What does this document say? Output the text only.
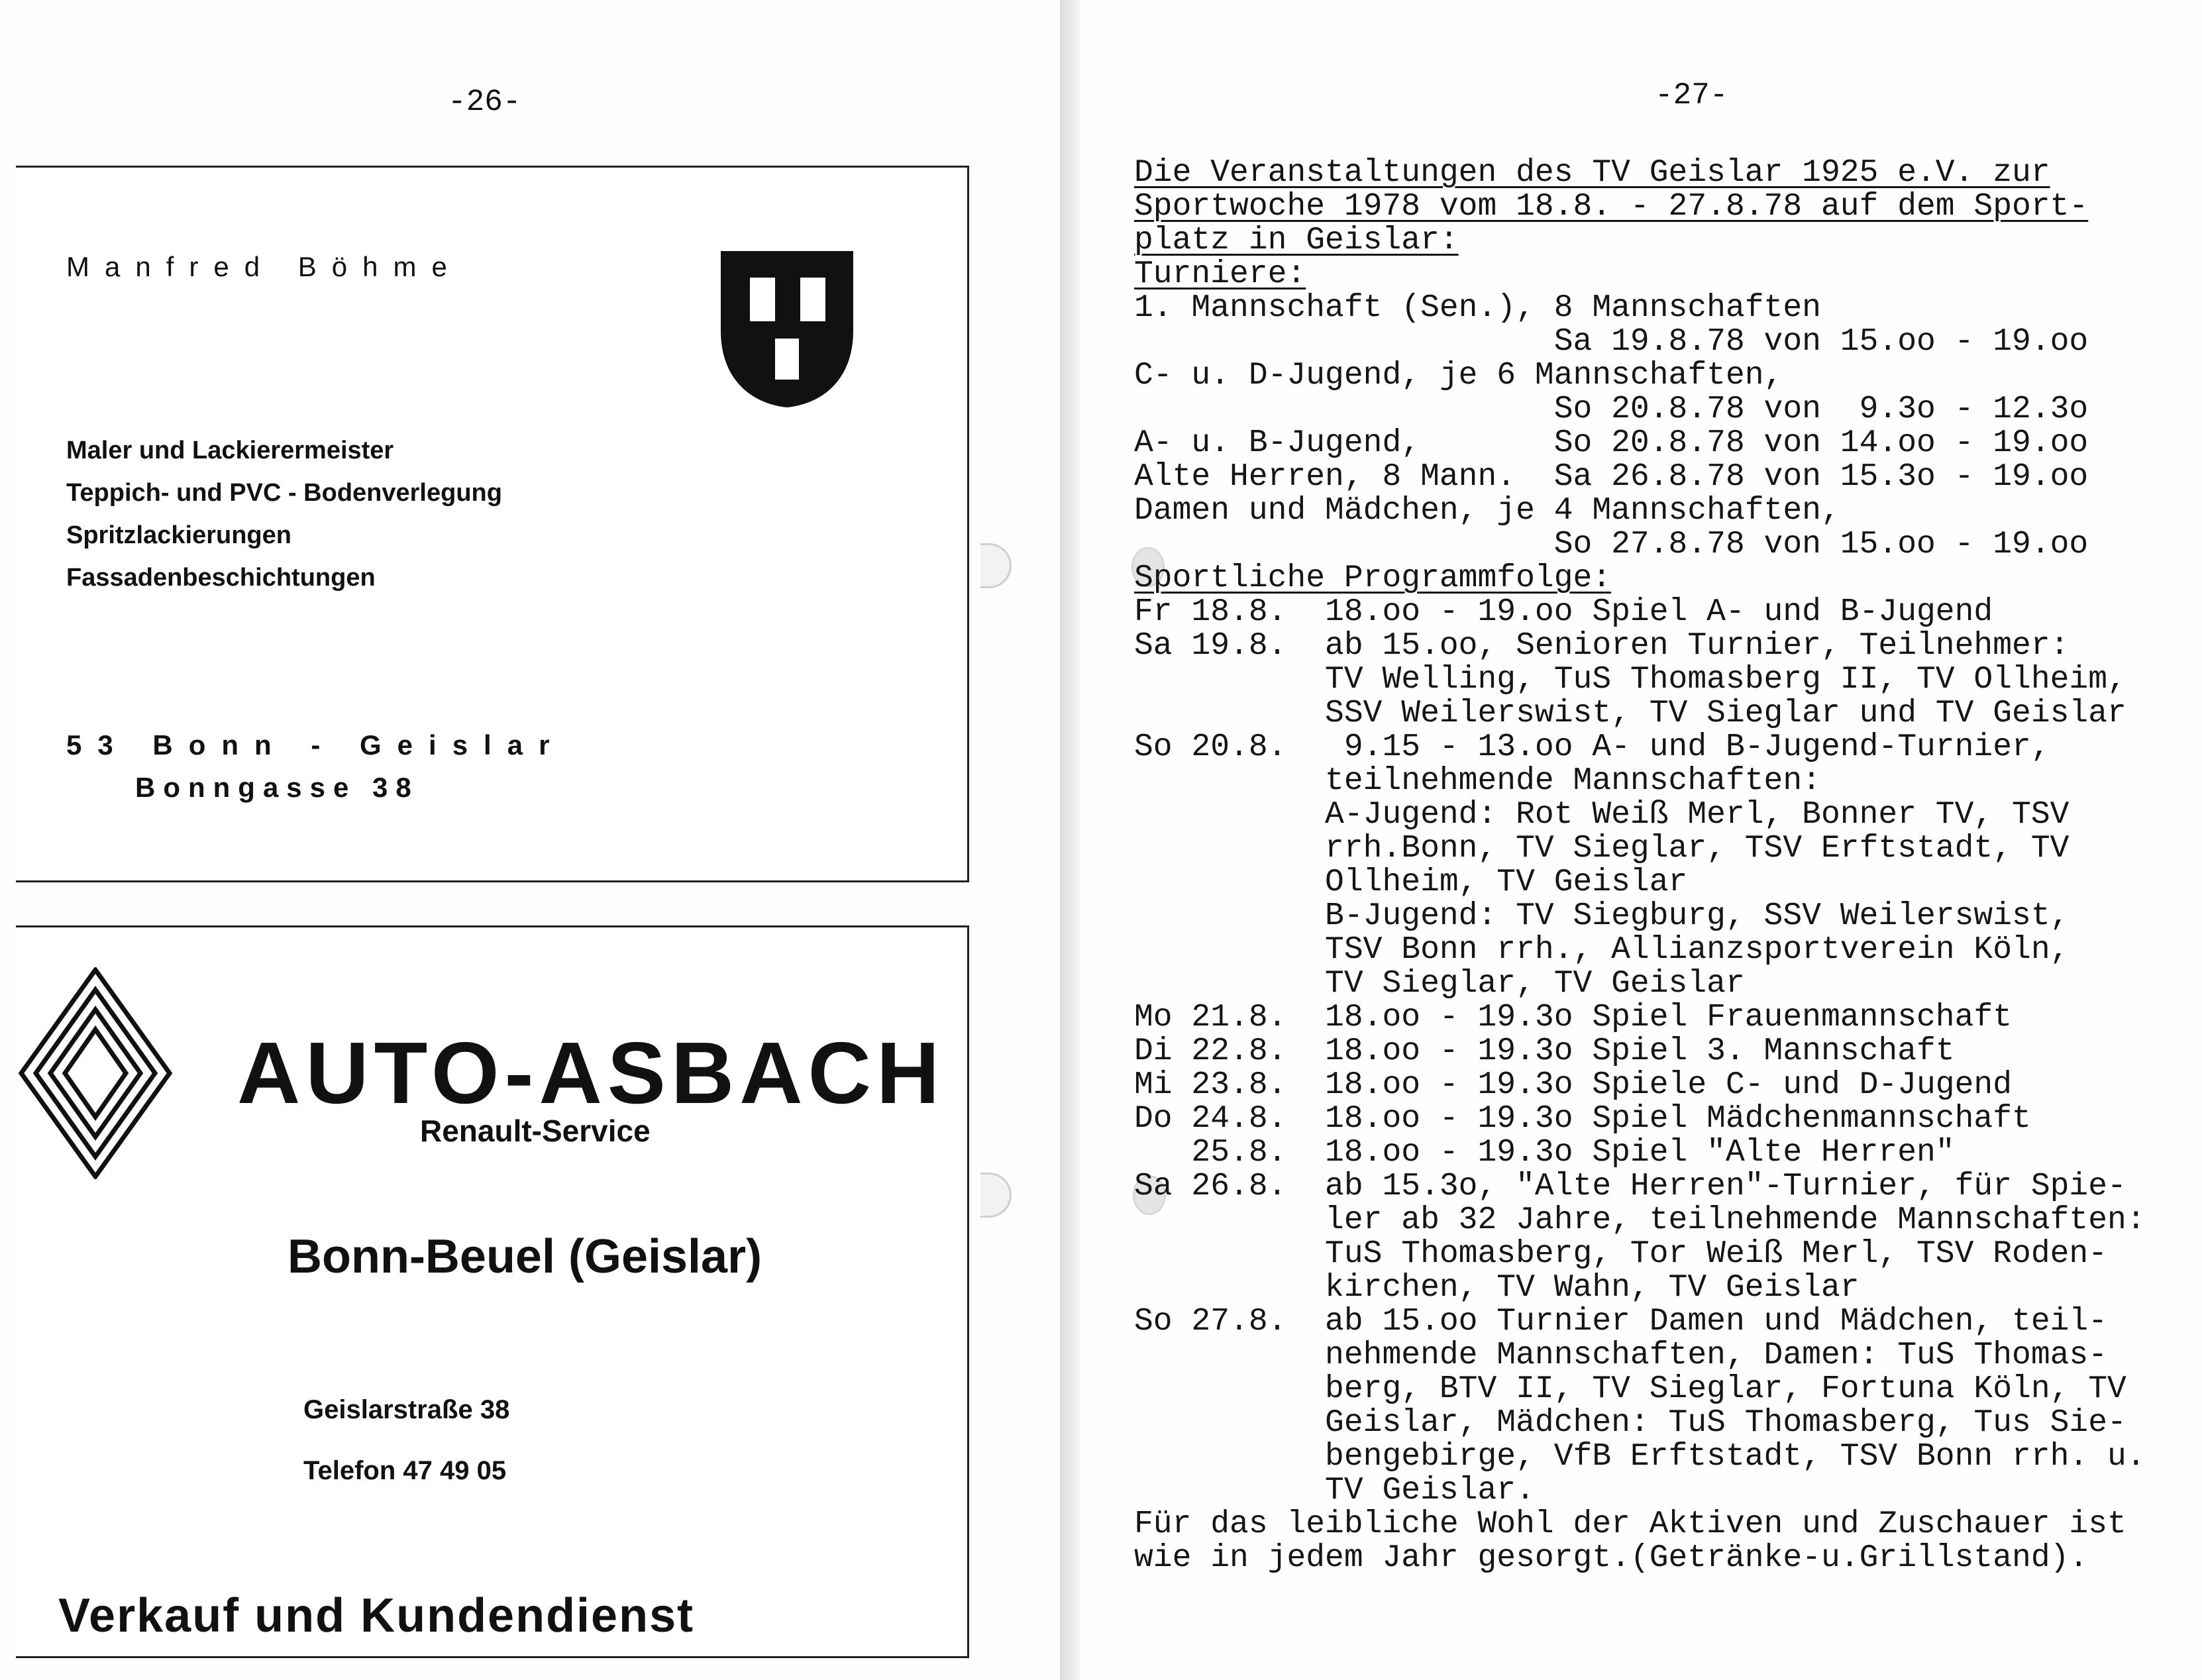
-26-
Manfred Böhme
Maler und Lackierermeister
Teppich- und PVC - Bodenverlegung
Spritzlackierungen
Fassadenbeschichtungen
53 Bonn - Geislar
Bonngasse 38
AUTO-ASBACH
Renault-Service
Bonn-Beuel (Geislar)
Geislarstraße 38
Telefon 47 49 05
Verkauf und Kundendienst
-27-
Die Veranstaltungen des TV Geislar 1925 e.V. zur
Sportwoche 1978 vom 18.8. - 27.8.78 auf dem Sport-
platz in Geislar:
Turniere:
1. Mannschaft (Sen.), 8 Mannschaften
Sa 19.8.78 von 15.oo - 19.oo
C- u. D-Jugend, je 6 Mannschaften,
So 20.8.78 von  9.3o - 12.3o
A- u. B-Jugend,       So 20.8.78 von 14.oo - 19.oo
Alte Herren, 8 Mann.  Sa 26.8.78 von 15.3o - 19.oo
Damen und Mädchen, je 4 Mannschaften,
So 27.8.78 von 15.oo - 19.oo
Sportliche Programmfolge:
Fr 18.8.  18.oo - 19.oo Spiel A- und B-Jugend
Sa 19.8.  ab 15.oo, Senioren Turnier, Teilnehmer:
TV Welling, TuS Thomasberg II, TV Ollheim,
SSV Weilerswist, TV Sieglar und TV Geislar
So 20.8.   9.15 - 13.oo A- und B-Jugend-Turnier,
teilnehmende Mannschaften:
A-Jugend: Rot Weiß Merl, Bonner TV, TSV
rrh.Bonn, TV Sieglar, TSV Erftstadt, TV
Ollheim, TV Geislar
B-Jugend: TV Siegburg, SSV Weilerswist,
TSV Bonn rrh., Allianzsportverein Köln,
TV Sieglar, TV Geislar
Mo 21.8.  18.oo - 19.3o Spiel Frauenmannschaft
Di 22.8.  18.oo - 19.3o Spiel 3. Mannschaft
Mi 23.8.  18.oo - 19.3o Spiele C- und D-Jugend
Do 24.8.  18.oo - 19.3o Spiel Mädchenmannschaft
25.8.  18.oo - 19.3o Spiel "Alte Herren"
Sa 26.8.  ab 15.3o, "Alte Herren"-Turnier, für Spie-
ler ab 32 Jahre, teilnehmende Mannschaften:
TuS Thomasberg, Tor Weiß Merl, TSV Roden-
kirchen, TV Wahn, TV Geislar
So 27.8.  ab 15.oo Turnier Damen und Mädchen, teil-
nehmende Mannschaften, Damen: TuS Thomas-
berg, BTV II, TV Sieglar, Fortuna Köln, TV
Geislar, Mädchen: TuS Thomasberg, Tus Sie-
bengebirge, VfB Erftstadt, TSV Bonn rrh. u.
TV Geislar.
Für das leibliche Wohl der Aktiven und Zuschauer ist
wie in jedem Jahr gesorgt.(Getränke-u.Grillstand).
